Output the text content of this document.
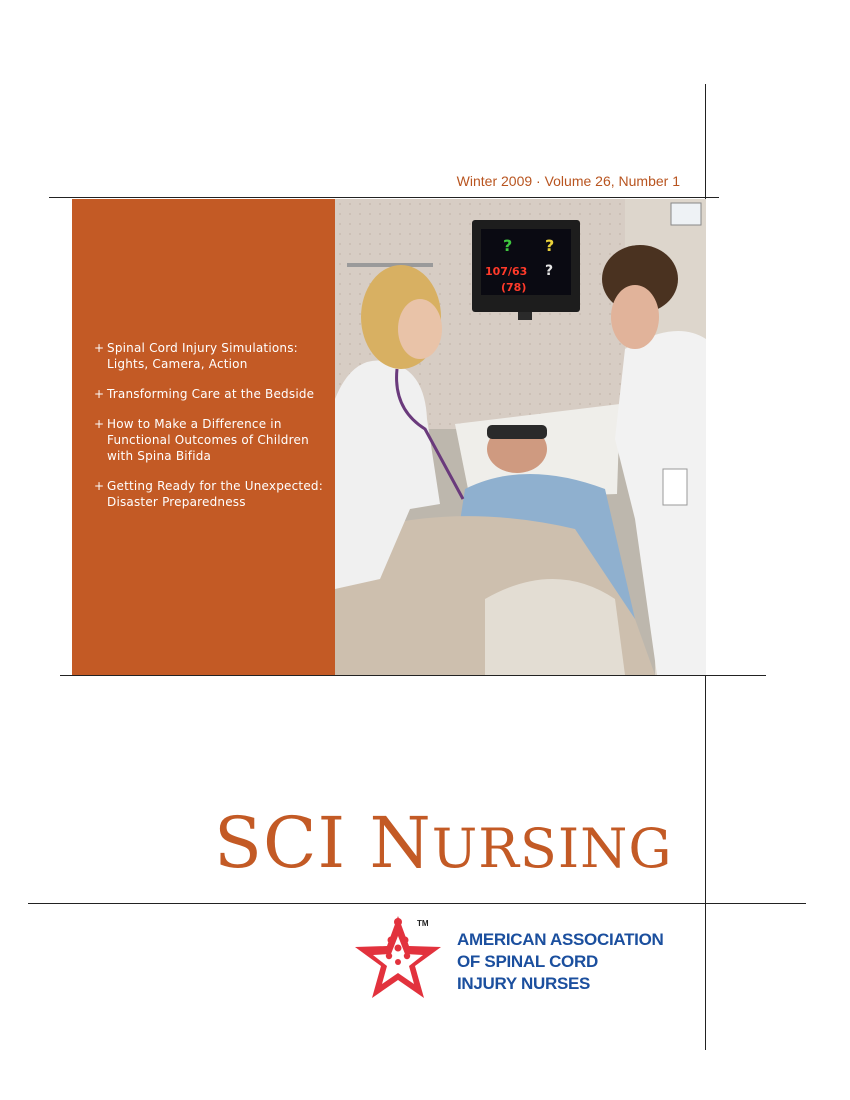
Winter 2009 · Volume 26, Number 1
+ Spinal Cord Injury Simulations:
Lights, Camera, Action
+ Transforming Care at the Bedside
+ How to Make a Difference in
Functional Outcomes of Children
with Spina Bifida
+ Getting Ready for the Unexpected:
Disaster Preparedness
? ?
107/63 ?
(78)
SCI NURSING
TM
AMERICAN ASSOCIATION
OF SPINAL CORD
INJURY NURSES
